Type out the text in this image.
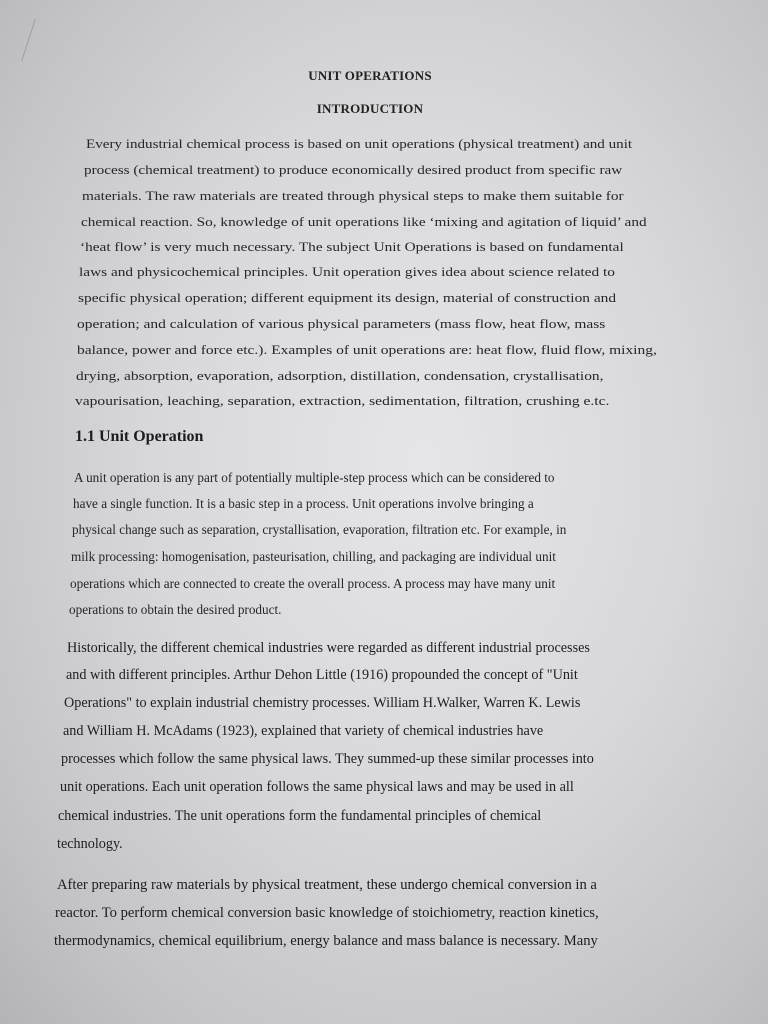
UNIT OPERATIONS
INTRODUCTION
Every industrial chemical process is based on unit operations (physical treatment) and unit
process (chemical treatment) to produce economically desired product from specific raw
materials. The raw materials are treated through physical steps to make them suitable for
chemical reaction. So, knowledge of unit operations like ‘mixing and agitation of liquid’ and
‘heat flow’ is very much necessary. The subject Unit Operations is based on fundamental
laws and physicochemical principles. Unit operation gives idea about science related to
specific physical operation; different equipment its design, material of construction and
operation; and calculation of various physical parameters (mass flow, heat flow, mass
balance, power and force etc.). Examples of unit operations are: heat flow, fluid flow, mixing,
drying, absorption, evaporation, adsorption, distillation, condensation, crystallisation,
vapourisation, leaching, separation, extraction, sedimentation, filtration, crushing e.tc.
1.1 Unit Operation
A unit operation is any part of potentially multiple-step process which can be considered to
have a single function. It is a basic step in a process. Unit operations involve bringing a
physical change such as separation, crystallisation, evaporation, filtration etc. For example, in
milk processing: homogenisation, pasteurisation, chilling, and packaging are individual unit
operations which are connected to create the overall process. A process may have many unit
operations to obtain the desired product.
Historically, the different chemical industries were regarded as different industrial processes
and with different principles. Arthur Dehon Little (1916) propounded the concept of "Unit
Operations" to explain industrial chemistry processes. William H.Walker, Warren K. Lewis
and William H. McAdams (1923), explained that variety of chemical industries have
processes which follow the same physical laws. They summed-up these similar processes into
unit operations. Each unit operation follows the same physical laws and may be used in all
chemical industries. The unit operations form the fundamental principles of chemical
technology.
After preparing raw materials by physical treatment, these undergo chemical conversion in a
reactor. To perform chemical conversion basic knowledge of stoichiometry, reaction kinetics,
thermodynamics, chemical equilibrium, energy balance and mass balance is necessary. Many
